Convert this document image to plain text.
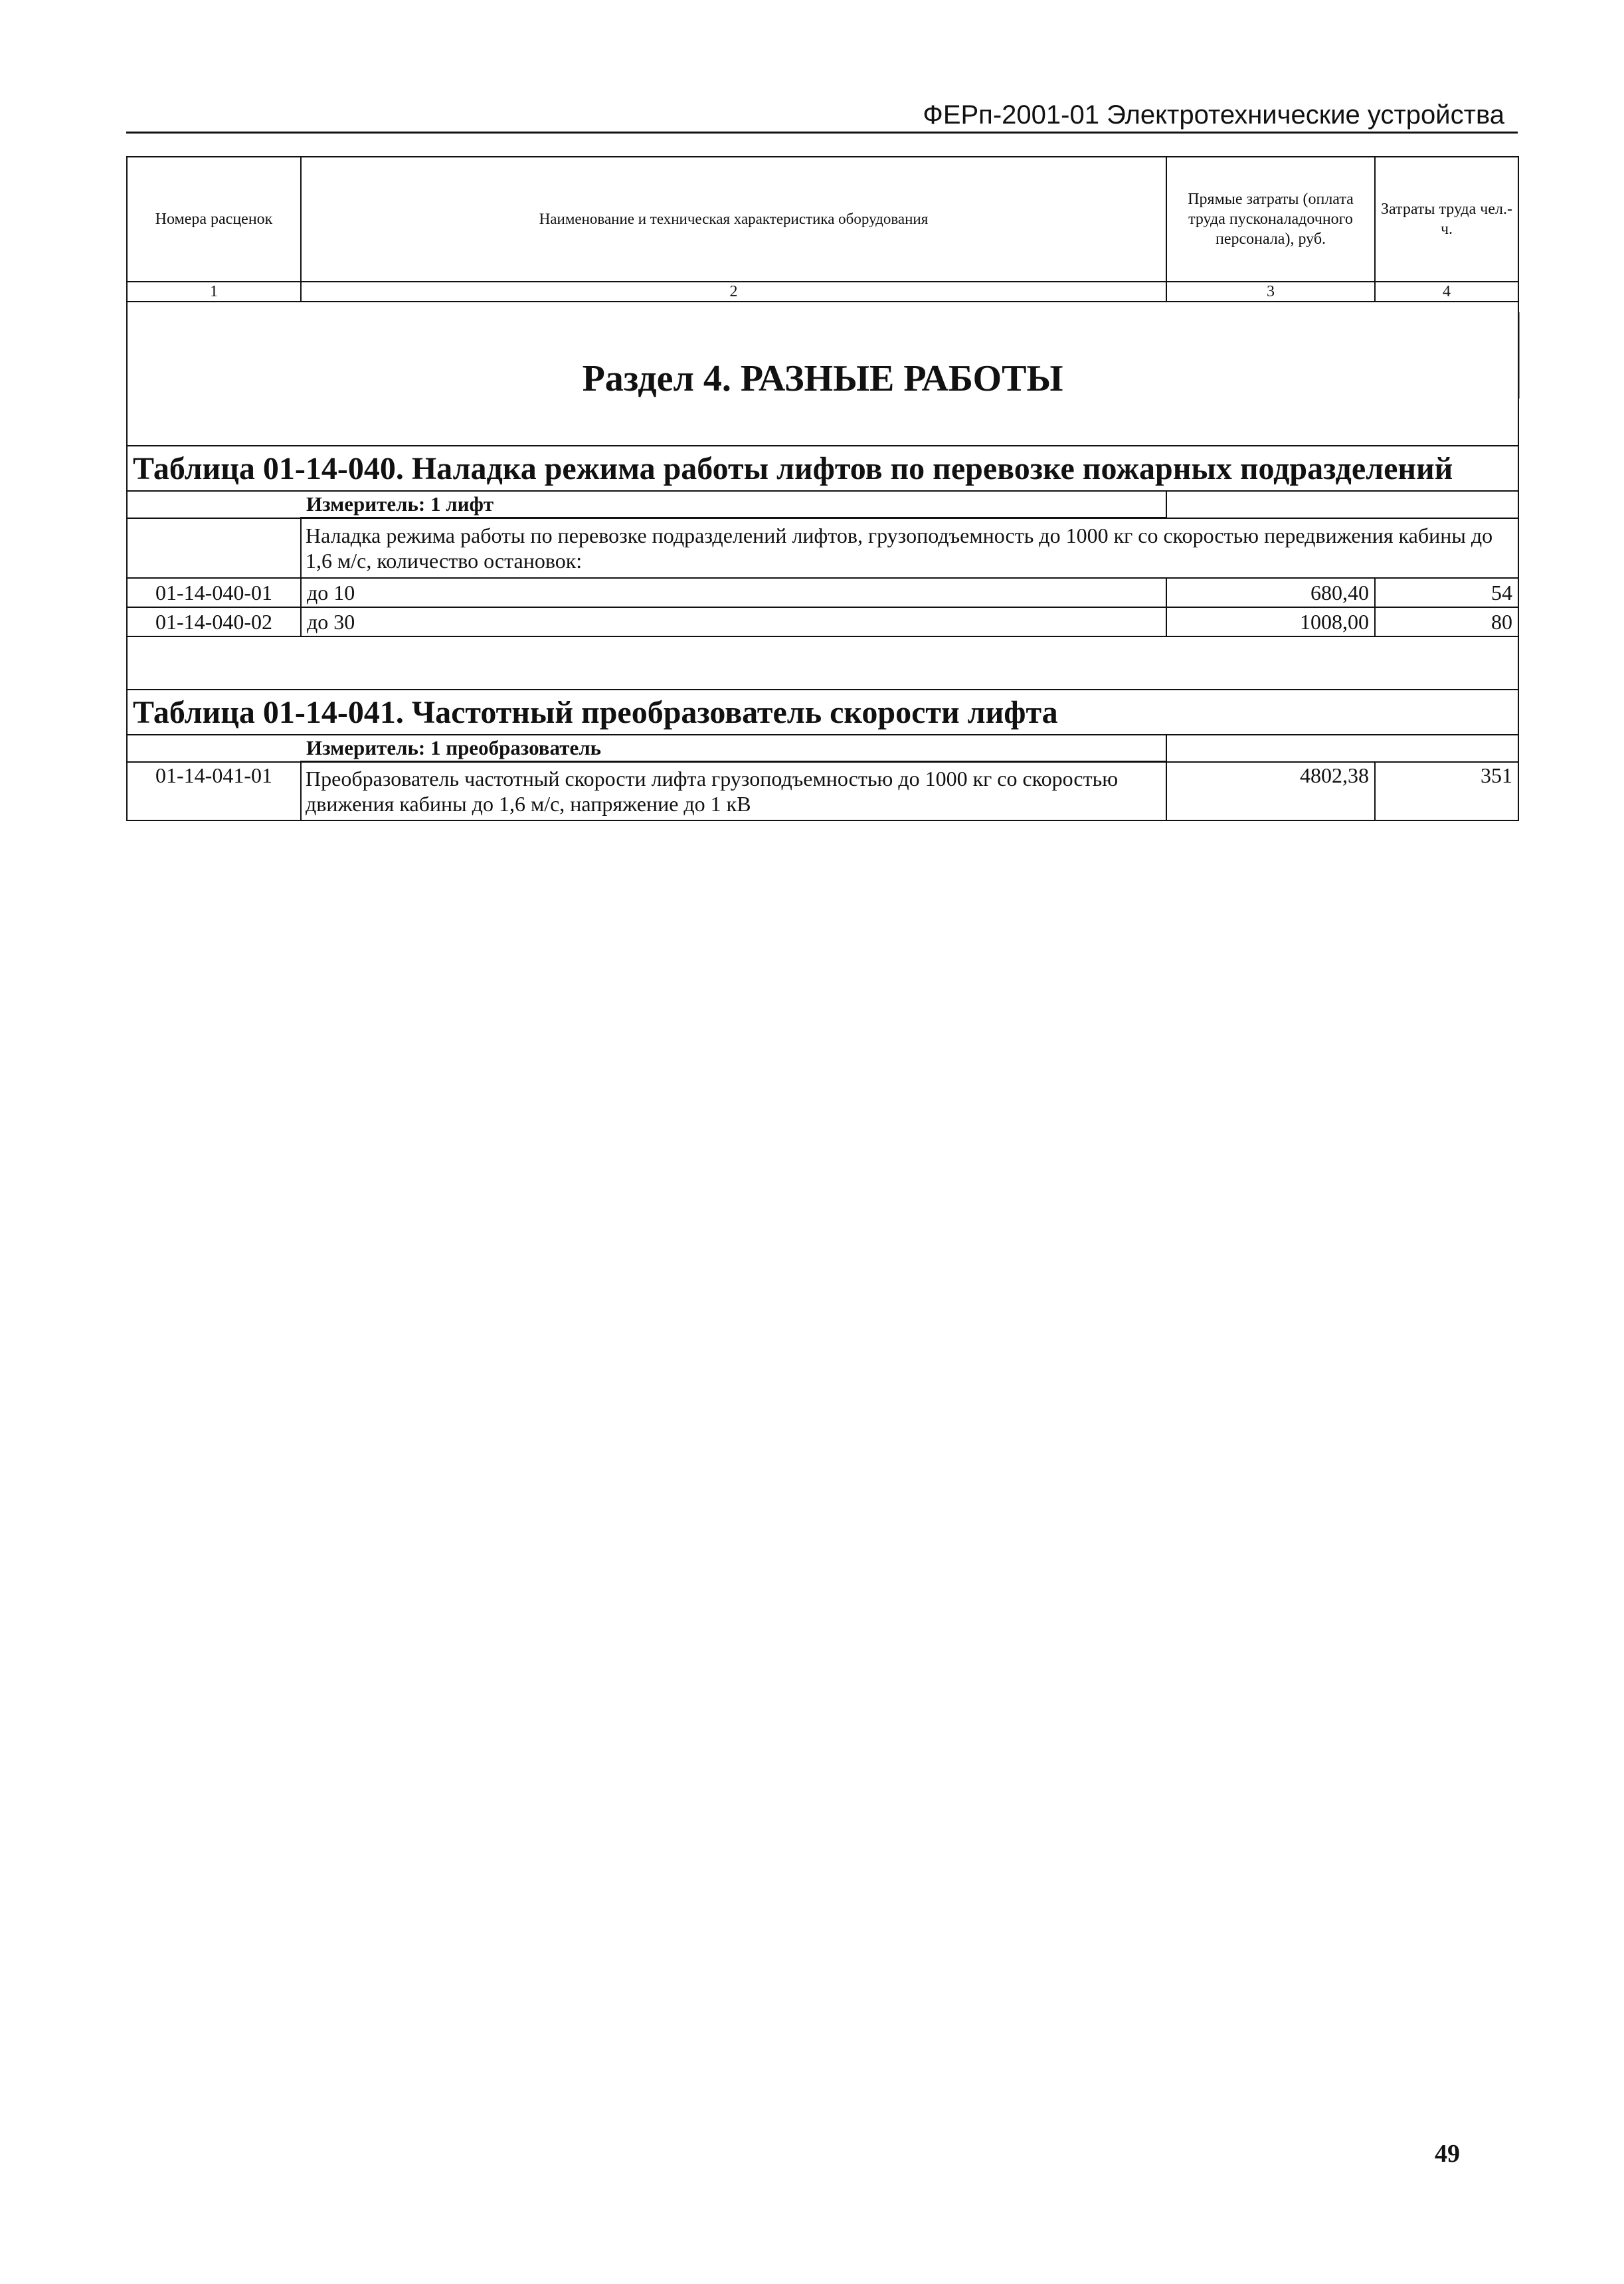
ФЕРп-2001-01 Электротехнические устройства
Номера расценок	Наименование и техническая характеристика оборудования	Прямые затраты (оплата труда пусконаладочного персонала), руб.	Затраты труда чел.-ч.
1	2	3	4
Раздел 4. РАЗНЫЕ РАБОТЫ			
Таблица 01-14-040. Наладка режима работы лифтов по перевозке пожарных подразделений			
	Измеритель: 1 лифт		
	Наладка режима работы по перевозке подразделений лифтов, грузоподъемность до 1000 кг со скоростью передвижения кабины до 1,6 м/с, количество остановок:		
01-14-040-01	до 10	680,40	54
01-14-040-02	до 30	1008,00	80

Таблица 01-14-041. Частотный преобразователь скорости лифта			
	Измеритель: 1 преобразователь		
01-14-041-01	Преобразователь частотный скорости лифта грузоподъемностью до 1000 кг со скоростью движения кабины до 1,6 м/с, напряжение до 1 кВ	4802,38	351
49
